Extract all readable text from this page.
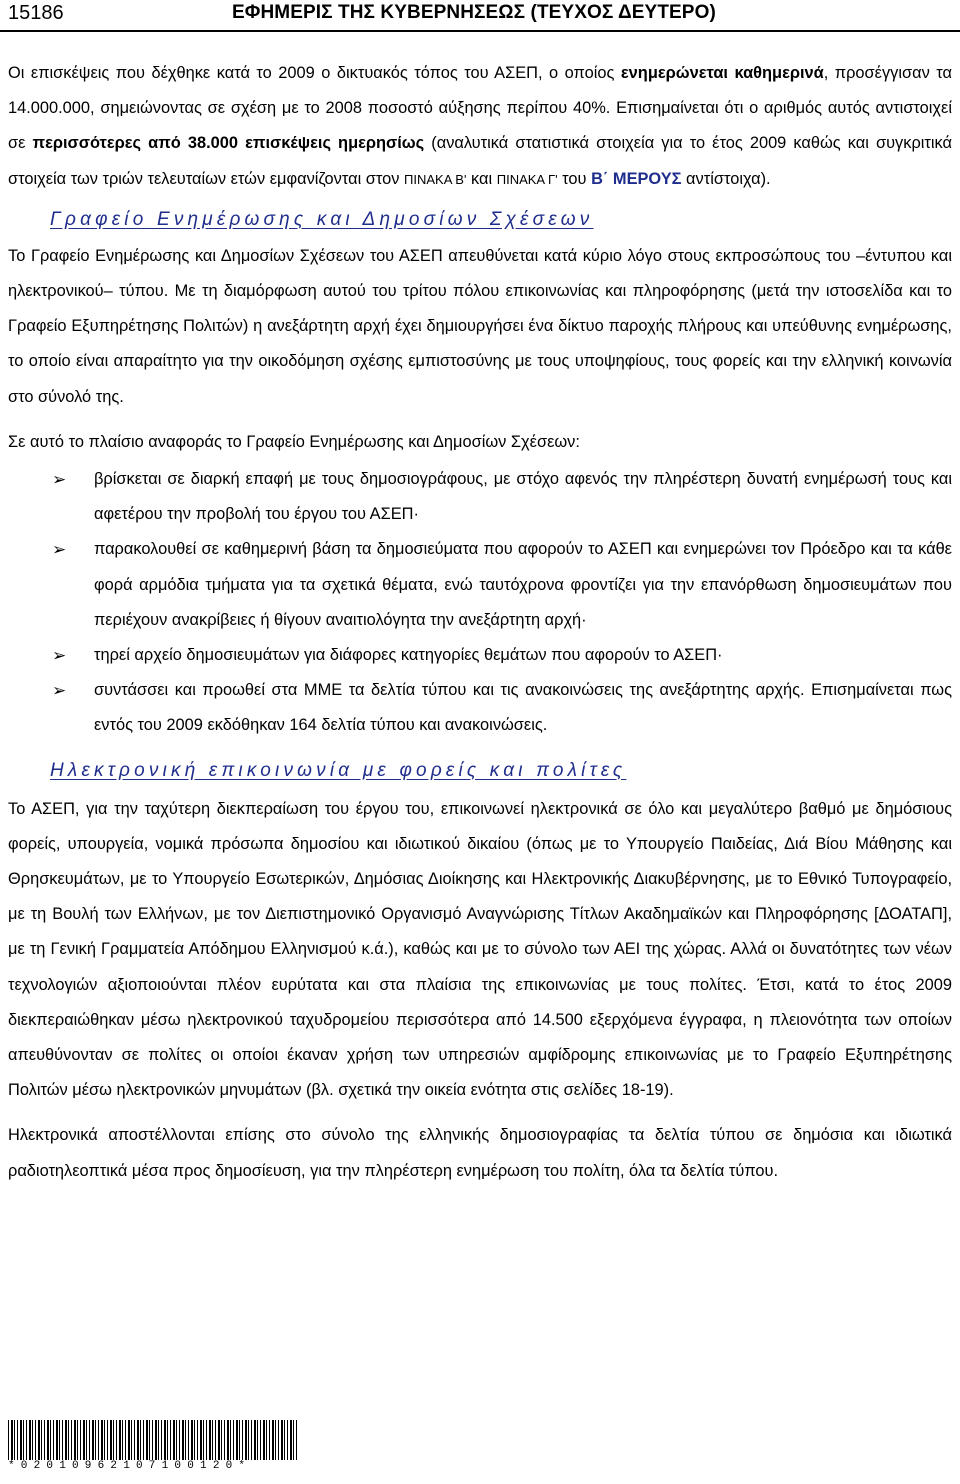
15186	ΕΦΗΜΕΡΙΣ ΤΗΣ ΚΥΒΕΡΝΗΣΕΩΣ (ΤΕΥΧΟΣ ΔΕΥΤΕΡΟ)

Οι επισκέψεις που δέχθηκε κατά το 2009 ο δικτυακός τόπος του ΑΣΕΠ, ο οποίος ενημερώνεται καθημερινά, προσέγγισαν τα 14.000.000, σημειώνοντας σε σχέση με το 2008 ποσοστό αύξησης περίπου 40%. Επισημαίνεται ότι ο αριθμός αυτός αντιστοιχεί σε περισσότερες από 38.000 επισκέψεις ημερησίως (αναλυτικά στατιστικά στοιχεία για το έτος 2009 καθώς και συγκριτικά στοιχεία των τριών τελευταίων ετών εμφανίζονται στον ΠΙΝΑΚΑ Β' και ΠΙΝΑΚΑ Γ' του Β΄ ΜΕΡΟΥΣ αντίστοιχα).

Γραφείο Ενημέρωσης και Δημοσίων Σχέσεων

Το Γραφείο Ενημέρωσης και Δημοσίων Σχέσεων του ΑΣΕΠ απευθύνεται κατά κύριο λόγο στους εκπροσώπους του –έντυπου και ηλεκτρονικού– τύπου. Με τη διαμόρφωση αυτού του τρίτου πόλου επικοινωνίας και πληροφόρησης (μετά την ιστοσελίδα και το Γραφείο Εξυπηρέτησης Πολιτών) η ανεξάρτητη αρχή έχει δημιουργήσει ένα δίκτυο παροχής πλήρους και υπεύθυνης ενημέρωσης, το οποίο είναι απαραίτητο για την οικοδόμηση σχέσης εμπιστοσύνης με τους υποψηφίους, τους φορείς και την ελληνική κοινωνία στο σύνολό της.

Σε αυτό το πλαίσιο αναφοράς το Γραφείο Ενημέρωσης και Δημοσίων Σχέσεων:

➢ βρίσκεται σε διαρκή επαφή με τους δημοσιογράφους, με στόχο αφενός την πληρέστερη δυνατή ενημέρωσή τους και αφετέρου την προβολή του έργου του ΑΣΕΠ·
➢ παρακολουθεί σε καθημερινή βάση τα δημοσιεύματα που αφορούν το ΑΣΕΠ και ενημερώνει τον Πρόεδρο και τα κάθε φορά αρμόδια τμήματα για τα σχετικά θέματα, ενώ ταυτόχρονα φροντίζει για την επανόρθωση δημοσιευμάτων που περιέχουν ανακρίβειες ή θίγουν αναιτιολόγητα την ανεξάρτητη αρχή·
➢ τηρεί αρχείο δημοσιευμάτων για διάφορες κατηγορίες θεμάτων που αφορούν το ΑΣΕΠ·
➢ συντάσσει και προωθεί στα ΜΜΕ τα δελτία τύπου και τις ανακοινώσεις της ανεξάρτητης αρχής. Επισημαίνεται πως εντός του 2009 εκδόθηκαν 164 δελτία τύπου και ανακοινώσεις.
Ηλεκτρονική επικοινωνία με φορείς και πολίτες

Το ΑΣΕΠ, για την ταχύτερη διεκπεραίωση του έργου του, επικοινωνεί ηλεκτρονικά σε όλο και μεγαλύτερο βαθμό με δημόσιους φορείς, υπουργεία, νομικά πρόσωπα δημοσίου και ιδιωτικού δικαίου (όπως με το Υπουργείο Παιδείας, Διά Βίου Μάθησης και Θρησκευμάτων, με το Υπουργείο Εσωτερικών, Δημόσιας Διοίκησης και Ηλεκτρονικής Διακυβέρνησης, με το Εθνικό Τυπογραφείο, με τη Βουλή των Ελλήνων, με τον Διεπιστημονικό Οργανισμό Αναγνώρισης Τίτλων Ακαδημαϊκών και Πληροφόρησης [ΔΟΑΤΑΠ], με τη Γενική Γραμματεία Απόδημου Ελληνισμού κ.ά.), καθώς και με το σύνολο των ΑΕΙ της χώρας. Αλλά οι δυνατότητες των νέων τεχνολογιών αξιοποιούνται πλέον ευρύτατα και στα πλαίσια της επικοινωνίας με τους πολίτες. Έτσι, κατά το έτος 2009 διεκπεραιώθηκαν μέσω ηλεκτρονικού ταχυδρομείου περισσότερα από 14.500 εξερχόμενα έγγραφα, η πλειονότητα των οποίων απευθύνονταν σε πολίτες οι οποίοι έκαναν χρήση των υπηρεσιών αμφίδρομης επικοινωνίας με το Γραφείο Εξυπηρέτησης Πολιτών μέσω ηλεκτρονικών μηνυμάτων (βλ. σχετικά την οικεία ενότητα στις σελίδες 18-19).

Ηλεκτρονικά αποστέλλονται επίσης στο σύνολο της ελληνικής δημοσιογραφίας τα δελτία τύπου σε δημόσια και ιδιωτικά ραδιοτηλεοπτικά μέσα προς δημοσίευση, για την πληρέστερη ενημέρωση του πολίτη, όλα τα δελτία τύπου.

*02010962107100120*
